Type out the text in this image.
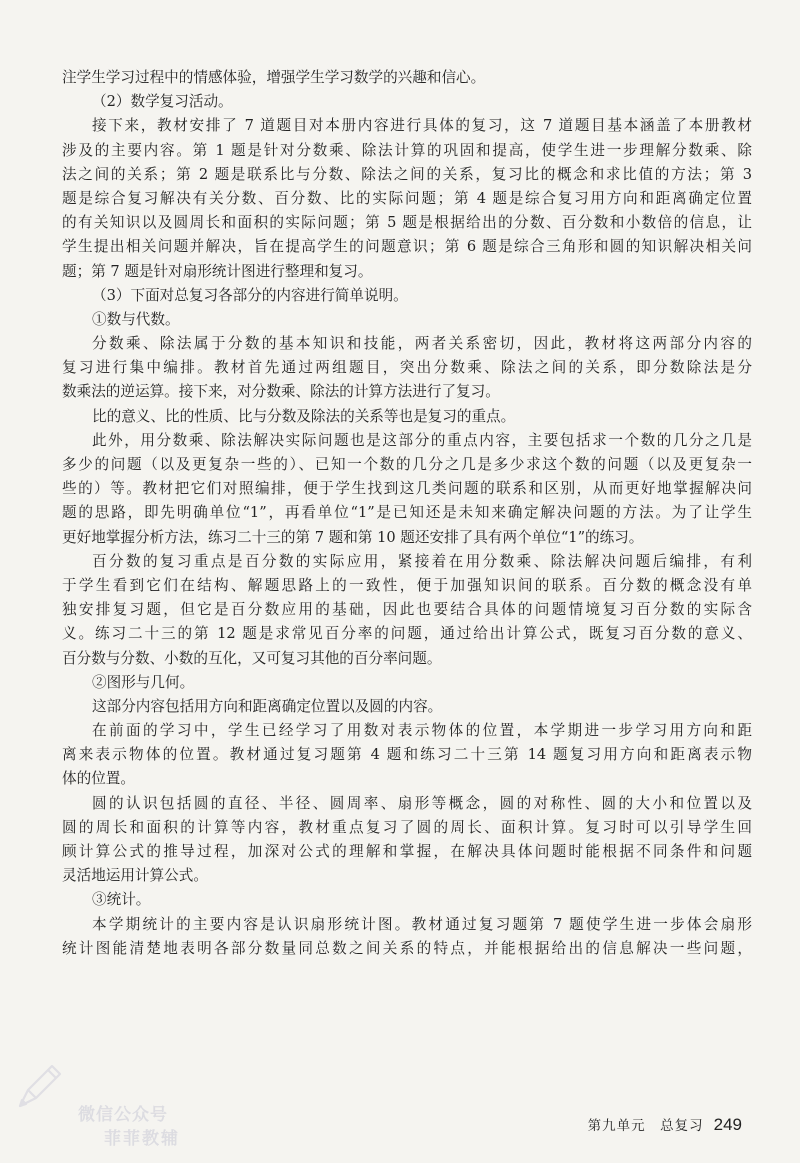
注学生学习过程中的情感体验，增强学生学习数学的兴趣和信心。
（2）数学复习活动。
接下来，教材安排了 7 道题目对本册内容进行具体的复习，这 7 道题目基本涵盖了本册教材
涉及的主要内容。第 1 题是针对分数乘、除法计算的巩固和提高，使学生进一步理解分数乘、除
法之间的关系；第 2 题是联系比与分数、除法之间的关系，复习比的概念和求比值的方法；第 3
题是综合复习解决有关分数、百分数、比的实际问题；第 4 题是综合复习用方向和距离确定位置
的有关知识以及圆周长和面积的实际问题；第 5 题是根据给出的分数、百分数和小数倍的信息，让
学生提出相关问题并解决，旨在提高学生的问题意识；第 6 题是综合三角形和圆的知识解决相关问
题；第 7 题是针对扇形统计图进行整理和复习。
（3）下面对总复习各部分的内容进行简单说明。
①数与代数。
分数乘、除法属于分数的基本知识和技能，两者关系密切，因此，教材将这两部分内容的
复习进行集中编排。教材首先通过两组题目，突出分数乘、除法之间的关系，即分数除法是分
数乘法的逆运算。接下来，对分数乘、除法的计算方法进行了复习。
比的意义、比的性质、比与分数及除法的关系等也是复习的重点。
此外，用分数乘、除法解决实际问题也是这部分的重点内容，主要包括求一个数的几分之几是
多少的问题（以及更复杂一些的）、已知一个数的几分之几是多少求这个数的问题（以及更复杂一
些的）等。教材把它们对照编排，便于学生找到这几类问题的联系和区别，从而更好地掌握解决问
题的思路，即先明确单位“1”，再看单位“1”是已知还是未知来确定解决问题的方法。为了让学生
更好地掌握分析方法，练习二十三的第 7 题和第 10 题还安排了具有两个单位“1”的练习。
百分数的复习重点是百分数的实际应用，紧接着在用分数乘、除法解决问题后编排，有利
于学生看到它们在结构、解题思路上的一致性，便于加强知识间的联系。百分数的概念没有单
独安排复习题，但它是百分数应用的基础，因此也要结合具体的问题情境复习百分数的实际含
义。练习二十三的第 12 题是求常见百分率的问题，通过给出计算公式，既复习百分数的意义、
百分数与分数、小数的互化，又可复习其他的百分率问题。
②图形与几何。
这部分内容包括用方向和距离确定位置以及圆的内容。
在前面的学习中，学生已经学习了用数对表示物体的位置，本学期进一步学习用方向和距
离来表示物体的位置。教材通过复习题第 4 题和练习二十三第 14 题复习用方向和距离表示物
体的位置。
圆的认识包括圆的直径、半径、圆周率、扇形等概念，圆的对称性、圆的大小和位置以及
圆的周长和面积的计算等内容，教材重点复习了圆的周长、面积计算。复习时可以引导学生回
顾计算公式的推导过程，加深对公式的理解和掌握，在解决具体问题时能根据不同条件和问题
灵活地运用计算公式。
③统计。
本学期统计的主要内容是认识扇形统计图。教材通过复习题第 7 题使学生进一步体会扇形
统计图能清楚地表明各部分数量同总数之间关系的特点，并能根据给出的信息解决一些问题，
第九单元　总复习 249
微信公众号
菲菲教辅
